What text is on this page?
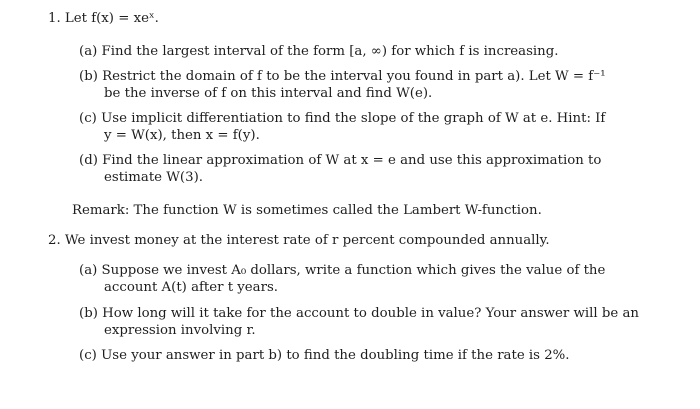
1. Let f(x) = xeˣ.
(a) Find the largest interval of the form [a, ∞) for which f is increasing.
(b) Restrict the domain of f to be the interval you found in part a). Let W = f⁻¹
be the inverse of f on this interval and find W(e).
(c) Use implicit differentiation to find the slope of the graph of W at e. Hint: If
y = W(x), then x = f(y).
(d) Find the linear approximation of W at x = e and use this approximation to
estimate W(3).
Remark: The function W is sometimes called the Lambert W-function.
2. We invest money at the interest rate of r percent compounded annually.
(a) Suppose we invest A₀ dollars, write a function which gives the value of the
account A(t) after t years.
(b) How long will it take for the account to double in value? Your answer will be an
expression involving r.
(c) Use your answer in part b) to find the doubling time if the rate is 2%.
